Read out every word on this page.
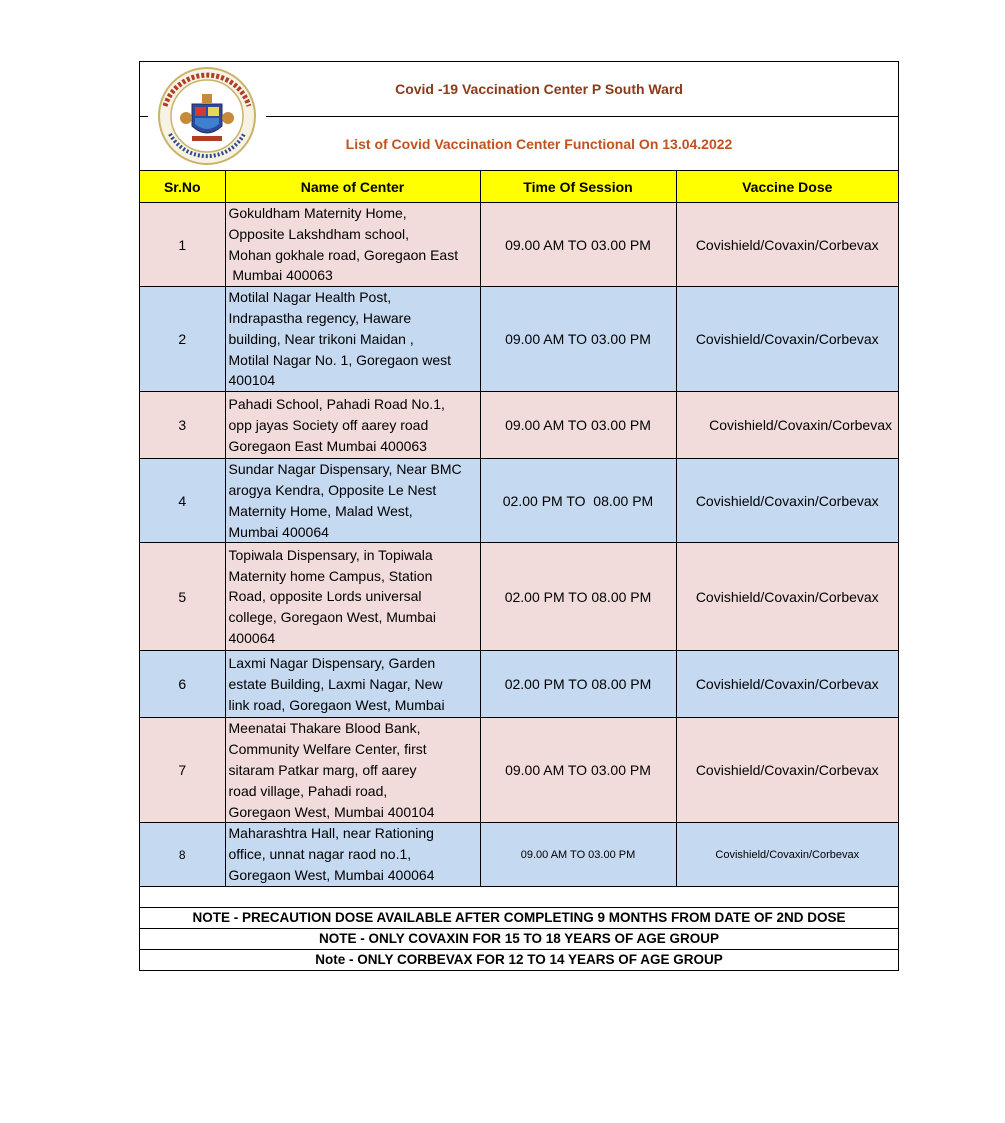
Covid -19 Vaccination Center P South Ward
List of Covid Vaccination Center Functional On 13.04.2022
Sr.No	Name of Center	Time Of Session	Vaccine Dose
1	Gokuldham Maternity Home,
Opposite Lakshdham school,
Mohan gokhale road, Goregaon East
Mumbai 400063	09.00 AM TO 03.00 PM	Covishield/Covaxin/Corbevax
2	Motilal Nagar Health Post,
Indrapastha regency, Haware
building, Near trikoni Maidan ,
Motilal Nagar No. 1, Goregaon west
400104	09.00 AM TO 03.00 PM	Covishield/Covaxin/Corbevax
3	Pahadi School, Pahadi Road No.1,
opp jayas Society off aarey road
Goregaon East Mumbai 400063	09.00 AM TO 03.00 PM	Covishield/Covaxin/Corbevax
4	Sundar Nagar Dispensary, Near BMC
arogya Kendra, Opposite Le Nest
Maternity Home, Malad West,
Mumbai 400064	02.00 PM TO  08.00 PM	Covishield/Covaxin/Corbevax
5	Topiwala Dispensary, in Topiwala
Maternity home Campus, Station
Road, opposite Lords universal
college, Goregaon West, Mumbai
400064	02.00 PM TO 08.00 PM	Covishield/Covaxin/Corbevax
6	Laxmi Nagar Dispensary, Garden
estate Building, Laxmi Nagar, New
link road, Goregaon West, Mumbai	02.00 PM TO 08.00 PM	Covishield/Covaxin/Corbevax
7	Meenatai Thakare Blood Bank,
Community Welfare Center, first
sitaram Patkar marg, off aarey
road village, Pahadi road,
Goregaon West, Mumbai 400104	09.00 AM TO 03.00 PM	Covishield/Covaxin/Corbevax
8	Maharashtra Hall, near Rationing
office, unnat nagar raod no.1,
Goregaon West, Mumbai 400064	09.00 AM TO 03.00 PM	Covishield/Covaxin/Corbevax
NOTE - PRECAUTION DOSE AVAILABLE AFTER COMPLETING 9 MONTHS FROM DATE OF 2ND DOSE
NOTE - ONLY COVAXIN FOR 15 TO 18 YEARS OF AGE GROUP
Note - ONLY CORBEVAX FOR 12 TO 14 YEARS OF AGE GROUP
